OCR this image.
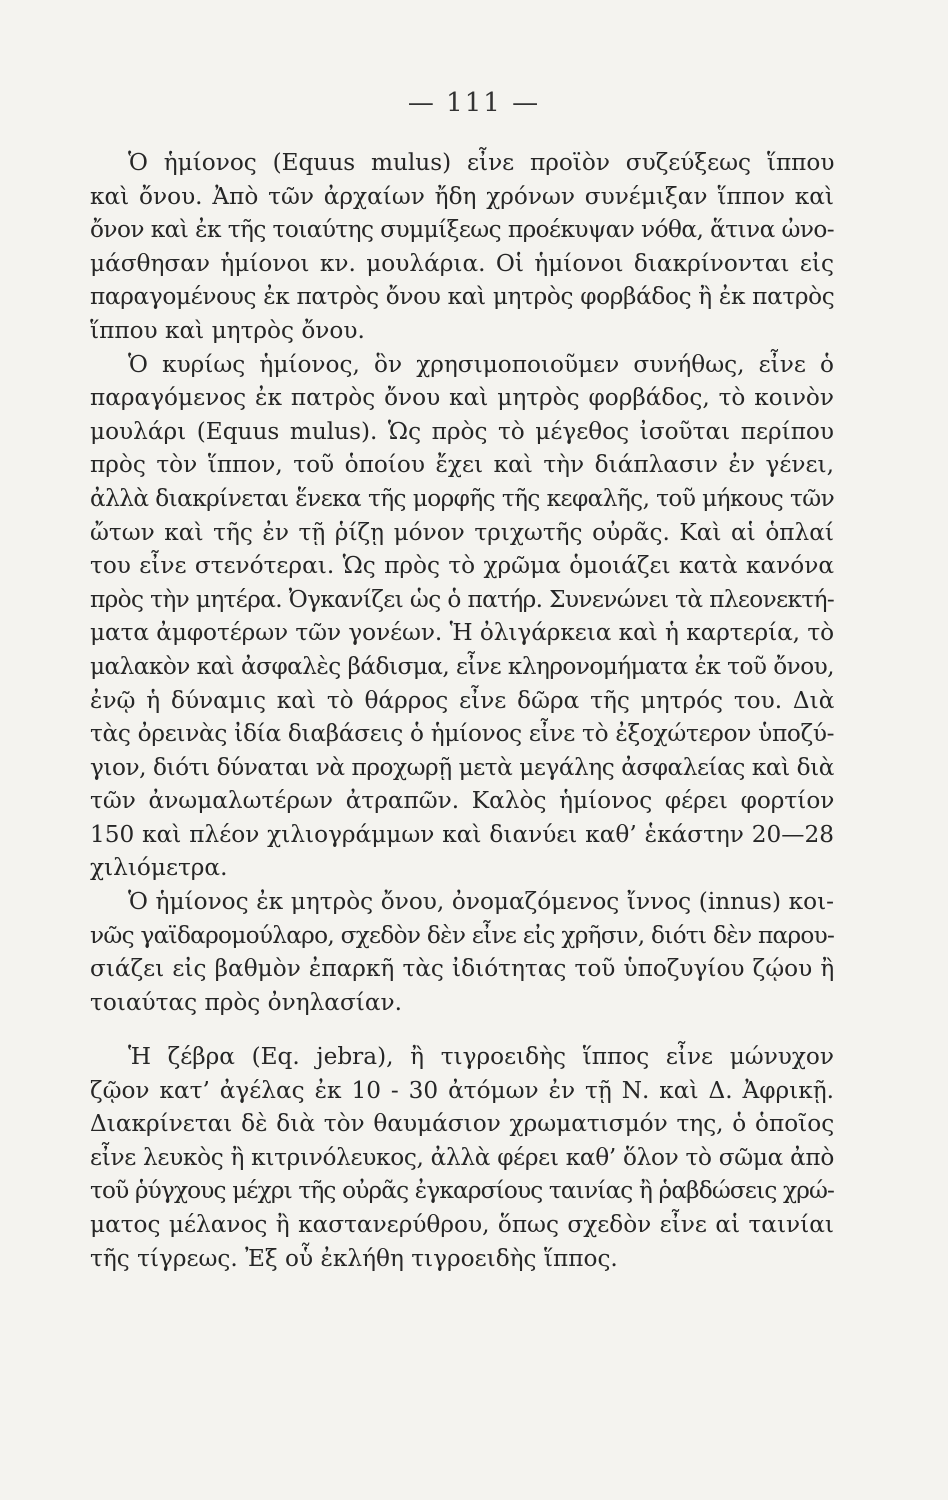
— 111 —
Ὁ ἡμίονος (Equus mulus) εἶνε προϊὸν συζεύξεως ἵππου
καὶ ὄνου. Ἀπὸ τῶν ἀρχαίων ἤδη χρόνων συνέμιξαν ἵππον καὶ
ὄνον καὶ ἐκ τῆς τοιαύτης συμμίξεως προέκυψαν νόθα, ἅτινα ὠνο-
μάσθησαν ἡμίονοι κν. μουλάρια. Οἱ ἡμίονοι διακρίνονται εἰς
παραγομένους ἐκ πατρὸς ὄνου καὶ μητρὸς φορβάδος ἢ ἐκ πατρὸς
ἵππου καὶ μητρὸς ὄνου.
Ὁ κυρίως ἡμίονος, ὃν χρησιμοποιοῦμεν συνήθως, εἶνε ὁ
παραγόμενος ἐκ πατρὸς ὄνου καὶ μητρὸς φορβάδος, τὸ κοινὸν
μουλάρι (Equus mulus). Ὡς πρὸς τὸ μέγεθος ἰσοῦται περίπου
πρὸς τὸν ἵππον, τοῦ ὁποίου ἔχει καὶ τὴν διάπλασιν ἐν γένει,
ἀλλὰ διακρίνεται ἕνεκα τῆς μορφῆς τῆς κεφαλῆς, τοῦ μήκους τῶν
ὤτων καὶ τῆς ἐν τῇ ῥίζῃ μόνον τριχωτῆς οὐρᾶς. Καὶ αἱ ὁπλαί
του εἶνε στενότεραι. Ὡς πρὸς τὸ χρῶμα ὁμοιάζει κατὰ κανόνα
πρὸς τὴν μητέρα. Ὀγκανίζει ὡς ὁ πατήρ. Συνενώνει τὰ πλεονεκτή-
ματα ἀμφοτέρων τῶν γονέων. Ἡ ὀλιγάρκεια καὶ ἡ καρτερία, τὸ
μαλακὸν καὶ ἀσφαλὲς βάδισμα, εἶνε κληρονομήματα ἐκ τοῦ ὄνου,
ἐνῷ ἡ δύναμις καὶ τὸ θάρρος εἶνε δῶρα τῆς μητρός του. Διὰ
τὰς ὀρεινὰς ἰδία διαβάσεις ὁ ἡμίονος εἶνε τὸ ἐξοχώτερον ὑποζύ-
γιον, διότι δύναται νὰ προχωρῇ μετὰ μεγάλης ἀσφαλείας καὶ διὰ
τῶν ἀνωμαλωτέρων ἀτραπῶν. Καλὸς ἡμίονος φέρει φορτίον
150 καὶ πλέον χιλιογράμμων καὶ διανύει καθ’ ἑκάστην 20—28
χιλιόμετρα.
Ὁ ἡμίονος ἐκ μητρὸς ὄνου, ὀνομαζόμενος ἴννος (innus) κοι-
νῶς γαϊδαρομούλαρο, σχεδὸν δὲν εἶνε εἰς χρῆσιν, διότι δὲν παρου-
σιάζει εἰς βαθμὸν ἐπαρκῆ τὰς ἰδιότητας τοῦ ὑποζυγίου ζῴου ἢ
τοιαύτας πρὸς ὀνηλασίαν.
Ἡ ζέβρα (Eq. jebra), ἢ τιγροειδὴς ἵππος εἶνε μώνυχον
ζῷον κατ’ ἀγέλας ἐκ 10 - 30 ἀτόμων ἐν τῇ Ν. καὶ Δ. Ἀφρικῇ.
Διακρίνεται δὲ διὰ τὸν θαυμάσιον χρωματισμόν της, ὁ ὁποῖος
εἶνε λευκὸς ἢ κιτρινόλευκος, ἀλλὰ φέρει καθ’ ὅλον τὸ σῶμα ἀπὸ
τοῦ ῥύγχους μέχρι τῆς οὐρᾶς ἐγκαρσίους ταινίας ἢ ῥαβδώσεις χρώ-
ματος μέλανος ἢ καστανερύθρου, ὅπως σχεδὸν εἶνε αἱ ταινίαι
τῆς τίγρεως. Ἐξ οὗ ἐκλήθη τιγροειδὴς ἵππος.
